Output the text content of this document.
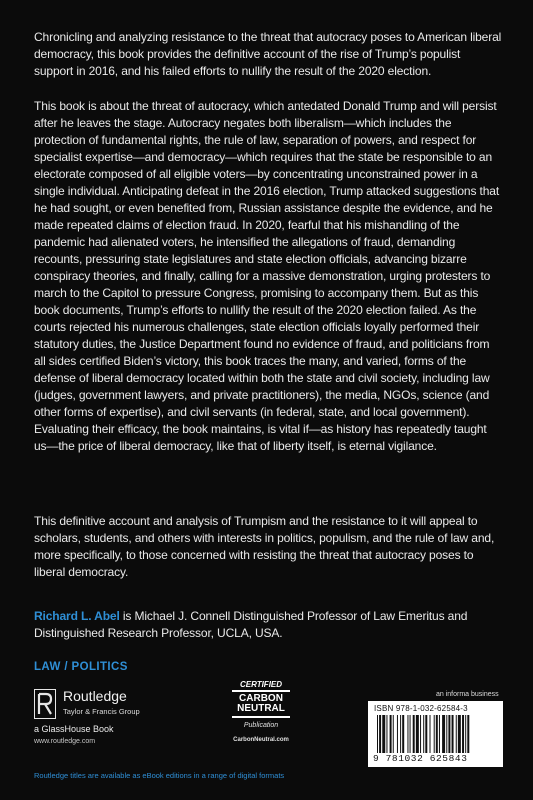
Chronicling and analyzing resistance to the threat that autocracy poses to American liberal democracy, this book provides the definitive account of the rise of Trump’s populist support in 2016, and his failed efforts to nullify the result of the 2020 election.

This book is about the threat of autocracy, which antedated Donald Trump and will persist after he leaves the stage. Autocracy negates both liberalism—which includes the protection of fundamental rights, the rule of law, separation of powers, and respect for specialist expertise—and democracy—which requires that the state be responsible to an electorate composed of all eligible voters—by concentrating unconstrained power in a single individual. Anticipating defeat in the 2016 election, Trump attacked suggestions that he had sought, or even benefited from, Russian assistance despite the evidence, and he made repeated claims of election fraud. In 2020, fearful that his mishandling of the pandemic had alienated voters, he intensified the allegations of fraud, demanding recounts, pressuring state legislatures and state election officials, advancing bizarre conspiracy theories, and finally, calling for a massive demonstration, urging protesters to march to the Capitol to pressure Congress, promising to accompany them. But as this book documents, Trump’s efforts to nullify the result of the 2020 election failed. As the courts rejected his numerous challenges, state election officials loyally performed their statutory duties, the Justice Department found no evidence of fraud, and politicians from all sides certified Biden’s victory, this book traces the many, and varied, forms of the defense of liberal democracy located within both the state and civil society, including law (judges, government lawyers, and private practitioners), the media, NGOs, science (and other forms of expertise), and civil servants (in federal, state, and local government). Evaluating their efficacy, the book maintains, is vital if—as history has repeatedly taught us—the price of liberal democracy, like that of liberty itself, is eternal vigilance.

This definitive account and analysis of Trumpism and the resistance to it will appeal to scholars, students, and others with interests in politics, populism, and the rule of law and, more specifically, to those concerned with resisting the threat that autocracy poses to liberal democracy.

Richard L. Abel is Michael J. Connell Distinguished Professor of Law Emeritus and Distinguished Research Professor, UCLA, USA.

LAW / POLITICS
Routledge
Taylor & Francis Group
a GlassHouse Book
www.routledge.com
CERTIFIED
CARBON
NEUTRAL
Publication
CarbonNeutral.com
an informa business
ISBN 978-1-032-62584-3
9 781032 625843
Routledge titles are available as eBook editions in a range of digital formats
